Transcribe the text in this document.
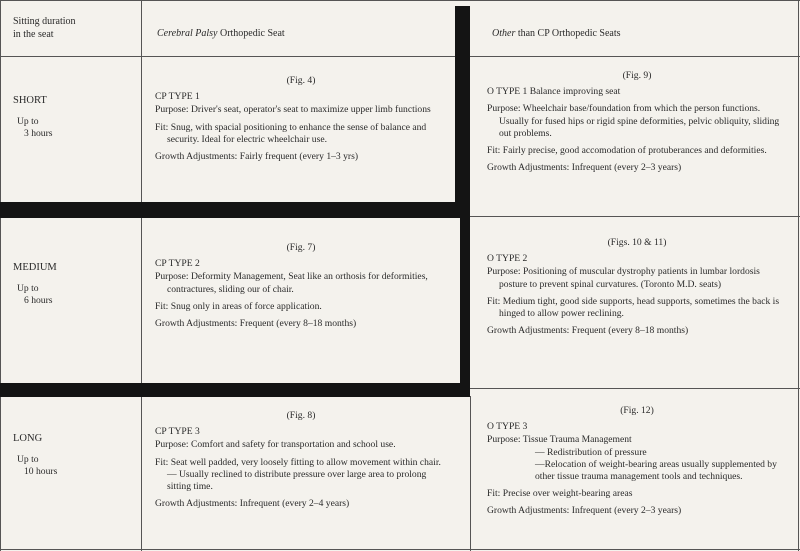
Sitting duration
in the seat	Cerebral Palsy Orthopedic Seat	Other than CP Orthopedic Seats
SHORT
Up to
3 hours

(Fig. 4)

CP TYPE 1

Purpose: Driver's seat, operator's seat to maximize upper limb functions

Fit: Snug, with spacial positioning to enhance the sense of balance and security. Ideal for electric wheelchair use.

Growth Adjustments: Fairly frequent (every 1–3 yrs)

(Fig. 9)

O TYPE 1 Balance improving seat

Purpose: Wheelchair base/foundation from which the person functions. Usually for fused hips or rigid spine deformities, pelvic obliquity, sliding out problems.

Fit: Fairly precise, good accomodation of protuberances and deformities.

Growth Adjustments: Infrequent (every 2–3 years)

MEDIUM
Up to
6 hours

(Fig. 7)

CP TYPE 2

Purpose: Deformity Management, Seat like an orthosis for deformities, contractures, sliding our of chair.

Fit: Snug only in areas of force application.

Growth Adjustments: Frequent (every 8–18 months)

(Figs. 10 & 11)

O TYPE 2

Purpose: Positioning of muscular dystrophy patients in lumbar lordosis posture to prevent spinal curvatures. (Toronto M.D. seats)

Fit: Medium tight, good side supports, head supports, sometimes the back is hinged to allow power reclining.

Growth Adjustments: Frequent (every 8–18 months)

LONG
Up to
10 hours

(Fig. 8)

CP TYPE 3

Purpose: Comfort and safety for transportation and school use.

Fit: Seat well padded, very loosely fitting to allow movement within chair. — Usually reclined to distribute pressure over large area to prolong sitting time.

Growth Adjustments: Infrequent (every 2–4 years)

(Fig. 12)

O TYPE 3

Purpose: Tissue Trauma Management

— Redistribution of pressure

—Relocation of weight-bearing areas usually supplemented by other tissue trauma management tools and techniques.

Fit: Precise over weight-bearing areas

Growth Adjustments: Infrequent (every 2–3 years)
